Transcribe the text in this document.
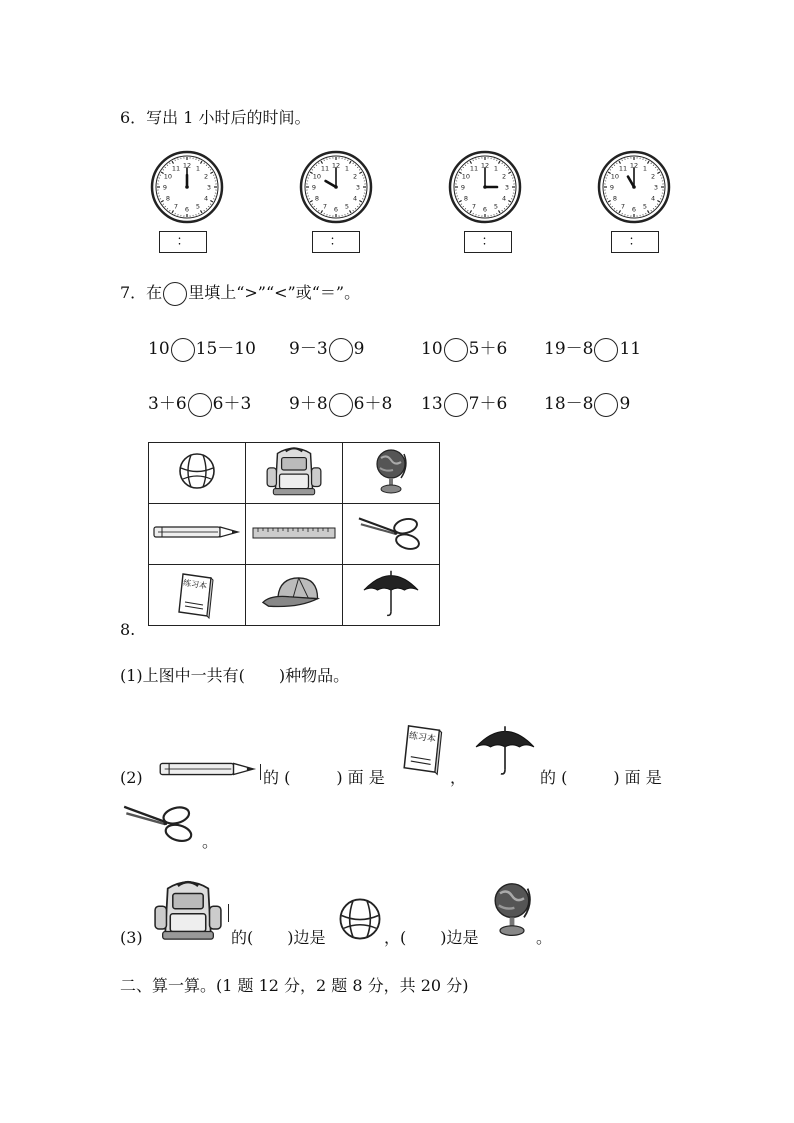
6．写出 1 小时后的时间。
1
2
3
4
5
6
7
8
9
10
11 12	1
2
3
4
5
6
7
8
9
10
11 12	1
2
3
4
5
6
7
8
9
10
11 12	1
2
3
4
5
6
7
8
9
10
11 12
：	：	：	：
7．在 里填上“>”“<”或“＝”。
10 15－10 9－3 9	10 5＋6 19－8 11
3＋6 6＋3 9＋8 6＋8 13 7＋6 18－8 9

练习本

8.
(1)上图中一共有( )种物品。
(2)	的 (	) 面 是
练习本
，	的 (	) 面 是
。
(3)	的( )边是	，( )边是	。
二、算一算。(1 题 12 分，2 题 8 分，共 20 分)
